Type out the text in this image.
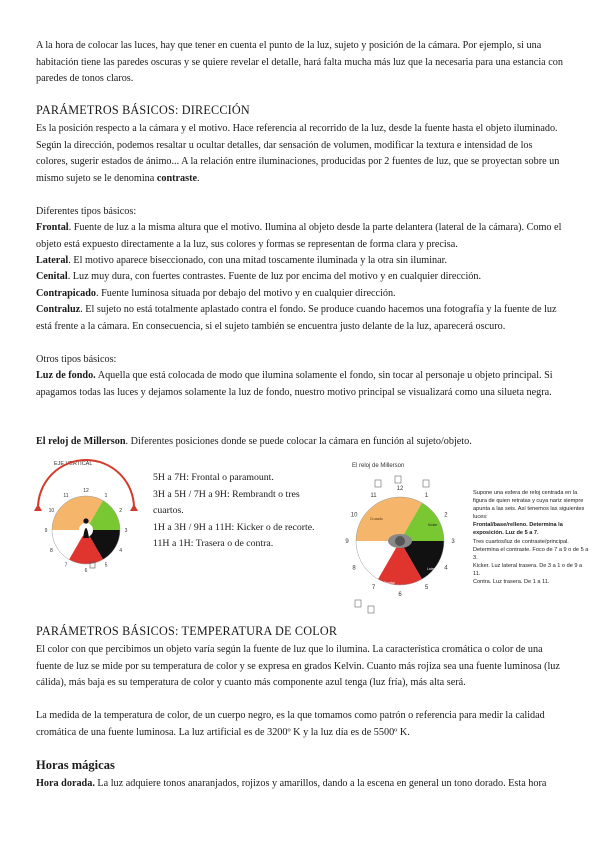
A la hora de colocar las luces, hay que tener en cuenta el punto de la luz, sujeto y posición de la cámara. Por ejemplo, si una habitación tiene las paredes oscuras y se quiere revelar el detalle, hará falta mucha más luz que la necesaria para una estancia con paredes de tonos claros.

PARÁMETROS BÁSICOS: DIRECCIÓN

Es la posición respecto a la cámara y el motivo. Hace referencia al recorrido de la luz, desde la fuente hasta el objeto iluminado. Según la dirección, podemos resaltar u ocultar detalles, dar sensación de volumen, modificar la textura e intensidad de los colores, sugerir estados de ánimo... A la relación entre iluminaciones, producidas por 2 fuentes de luz, que se proyectan sobre un mismo sujeto se le denomina contraste.

Diferentes tipos básicos:

Frontal. Fuente de luz a la misma altura que el motivo. Ilumina al objeto desde la parte delantera (lateral de la cámara). Como el objeto está expuesto directamente a la luz, sus colores y formas se representan de forma clara y precisa.

Lateral. El motivo aparece biseccionado, con una mitad toscamente iluminada y la otra sin iluminar.

Cenital. Luz muy dura, con fuertes contrastes. Fuente de luz por encima del motivo y en cualquier dirección.

Contrapicado. Fuente luminosa situada por debajo del motivo y en cualquier dirección.

Contraluz. El sujeto no está totalmente aplastado contra el fondo. Se produce cuando hacemos una fotografía y la fuente de luz está frente a la cámara. En consecuencia, si el sujeto también se encuentra justo delante de la luz, aparecerá oscuro.

Otros tipos básicos:

Luz de fondo. Aquella que está colocada de modo que ilumina solamente el fondo, sin tocar al personaje u objeto principal. Si apagamos todas las luces y dejamos solamente la luz de fondo, nuestro motivo principal se visualizará como una silueta negra.

El reloj de Millerson. Diferentes posiciones donde se puede colocar la cámara en función al sujeto/objeto.

EJE VERTICAL
12
1
2
3
4
5
6
7
8
9
10
11
5H a 7H: Frontal o paramount.
3H a 5H / 7H a 9H: Rembrandt o tres cuartos.
1H a 3H / 9H a 11H: Kicker o de recorte.
11H a 1H: Trasera o de contra.
El reloj de Millerson
12
1
2
3
4
5
6
7
8
9
10
11
Cruzado
Kicker
Lateral
Frontal
Supone una esfera de reloj centrada en la figura de quien retratas y cuya nariz siempre apunta a las seis. Así tenemos las siguientes luces:
Frontal/base/relleno. Determina la exposición. Luz de 5 a 7.
Tres cuartos/luz de contraste/principal. Determina el contraste. Foco de 7 a 9 o de 5 a 3.
Kicker. Luz lateral trasera. De 3 a 1 o de 9 a 11.
Contra. Luz trasera. De 1 a 11.
PARÁMETROS BÁSICOS: TEMPERATURA DE COLOR

El color con que percibimos un objeto varía según la fuente de luz que lo ilumina. La característica cromática o color de una fuente de luz se mide por su temperatura de color y se expresa en grados Kelvin. Cuanto más rojiza sea una fuente luminosa (luz cálida), más baja es su temperatura de color y cuanto más componente azul tenga (luz fría), más alta será.

La medida de la temperatura de color, de un cuerpo negro, es la que tomamos como patrón o referencia para medir la calidad cromática de una fuente luminosa. La luz artificial es de 3200º K y la luz día es de 5500º K.

Horas mágicas

Hora dorada. La luz adquiere tonos anaranjados, rojizos y amarillos, dando a la escena en general un tono dorado. Esta hora
